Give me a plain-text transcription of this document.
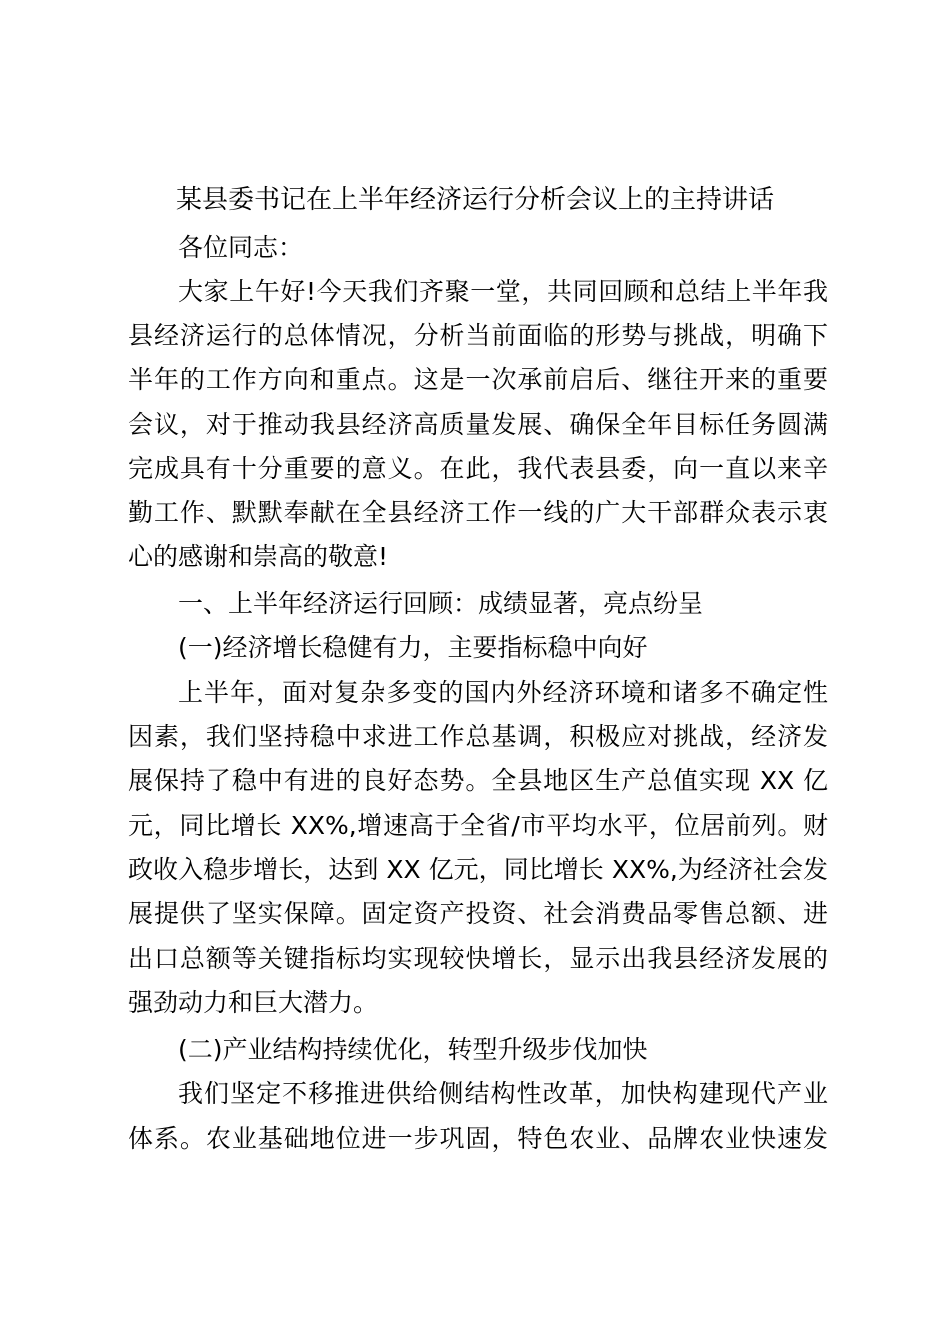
某县委书记在上半年经济运行分析会议上的主持讲话

各位同志：

大家上午好!今天我们齐聚一堂，共同回顾和总结上半年我

县经济运行的总体情况，分析当前面临的形势与挑战，明确下

半年的工作方向和重点。这是一次承前启后、继往开来的重要

会议，对于推动我县经济高质量发展、确保全年目标任务圆满

完成具有十分重要的意义。在此，我代表县委，向一直以来辛

勤工作、默默奉献在全县经济工作一线的广大干部群众表示衷

心的感谢和崇高的敬意!

一、上半年经济运行回顾：成绩显著，亮点纷呈

(一)经济增长稳健有力，主要指标稳中向好

上半年，面对复杂多变的国内外经济环境和诸多不确定性

因素，我们坚持稳中求进工作总基调，积极应对挑战，经济发

展保持了稳中有进的良好态势。全县地区生产总值实现 XX 亿

元，同比增长 XX%,增速高于全省/市平均水平，位居前列。财

政收入稳步增长，达到 XX 亿元，同比增长 XX%,为经济社会发

展提供了坚实保障。固定资产投资、社会消费品零售总额、进

出口总额等关键指标均实现较快增长，显示出我县经济发展的

强劲动力和巨大潜力。

(二)产业结构持续优化，转型升级步伐加快

我们坚定不移推进供给侧结构性改革，加快构建现代产业

体系。农业基础地位进一步巩固，特色农业、品牌农业快速发
